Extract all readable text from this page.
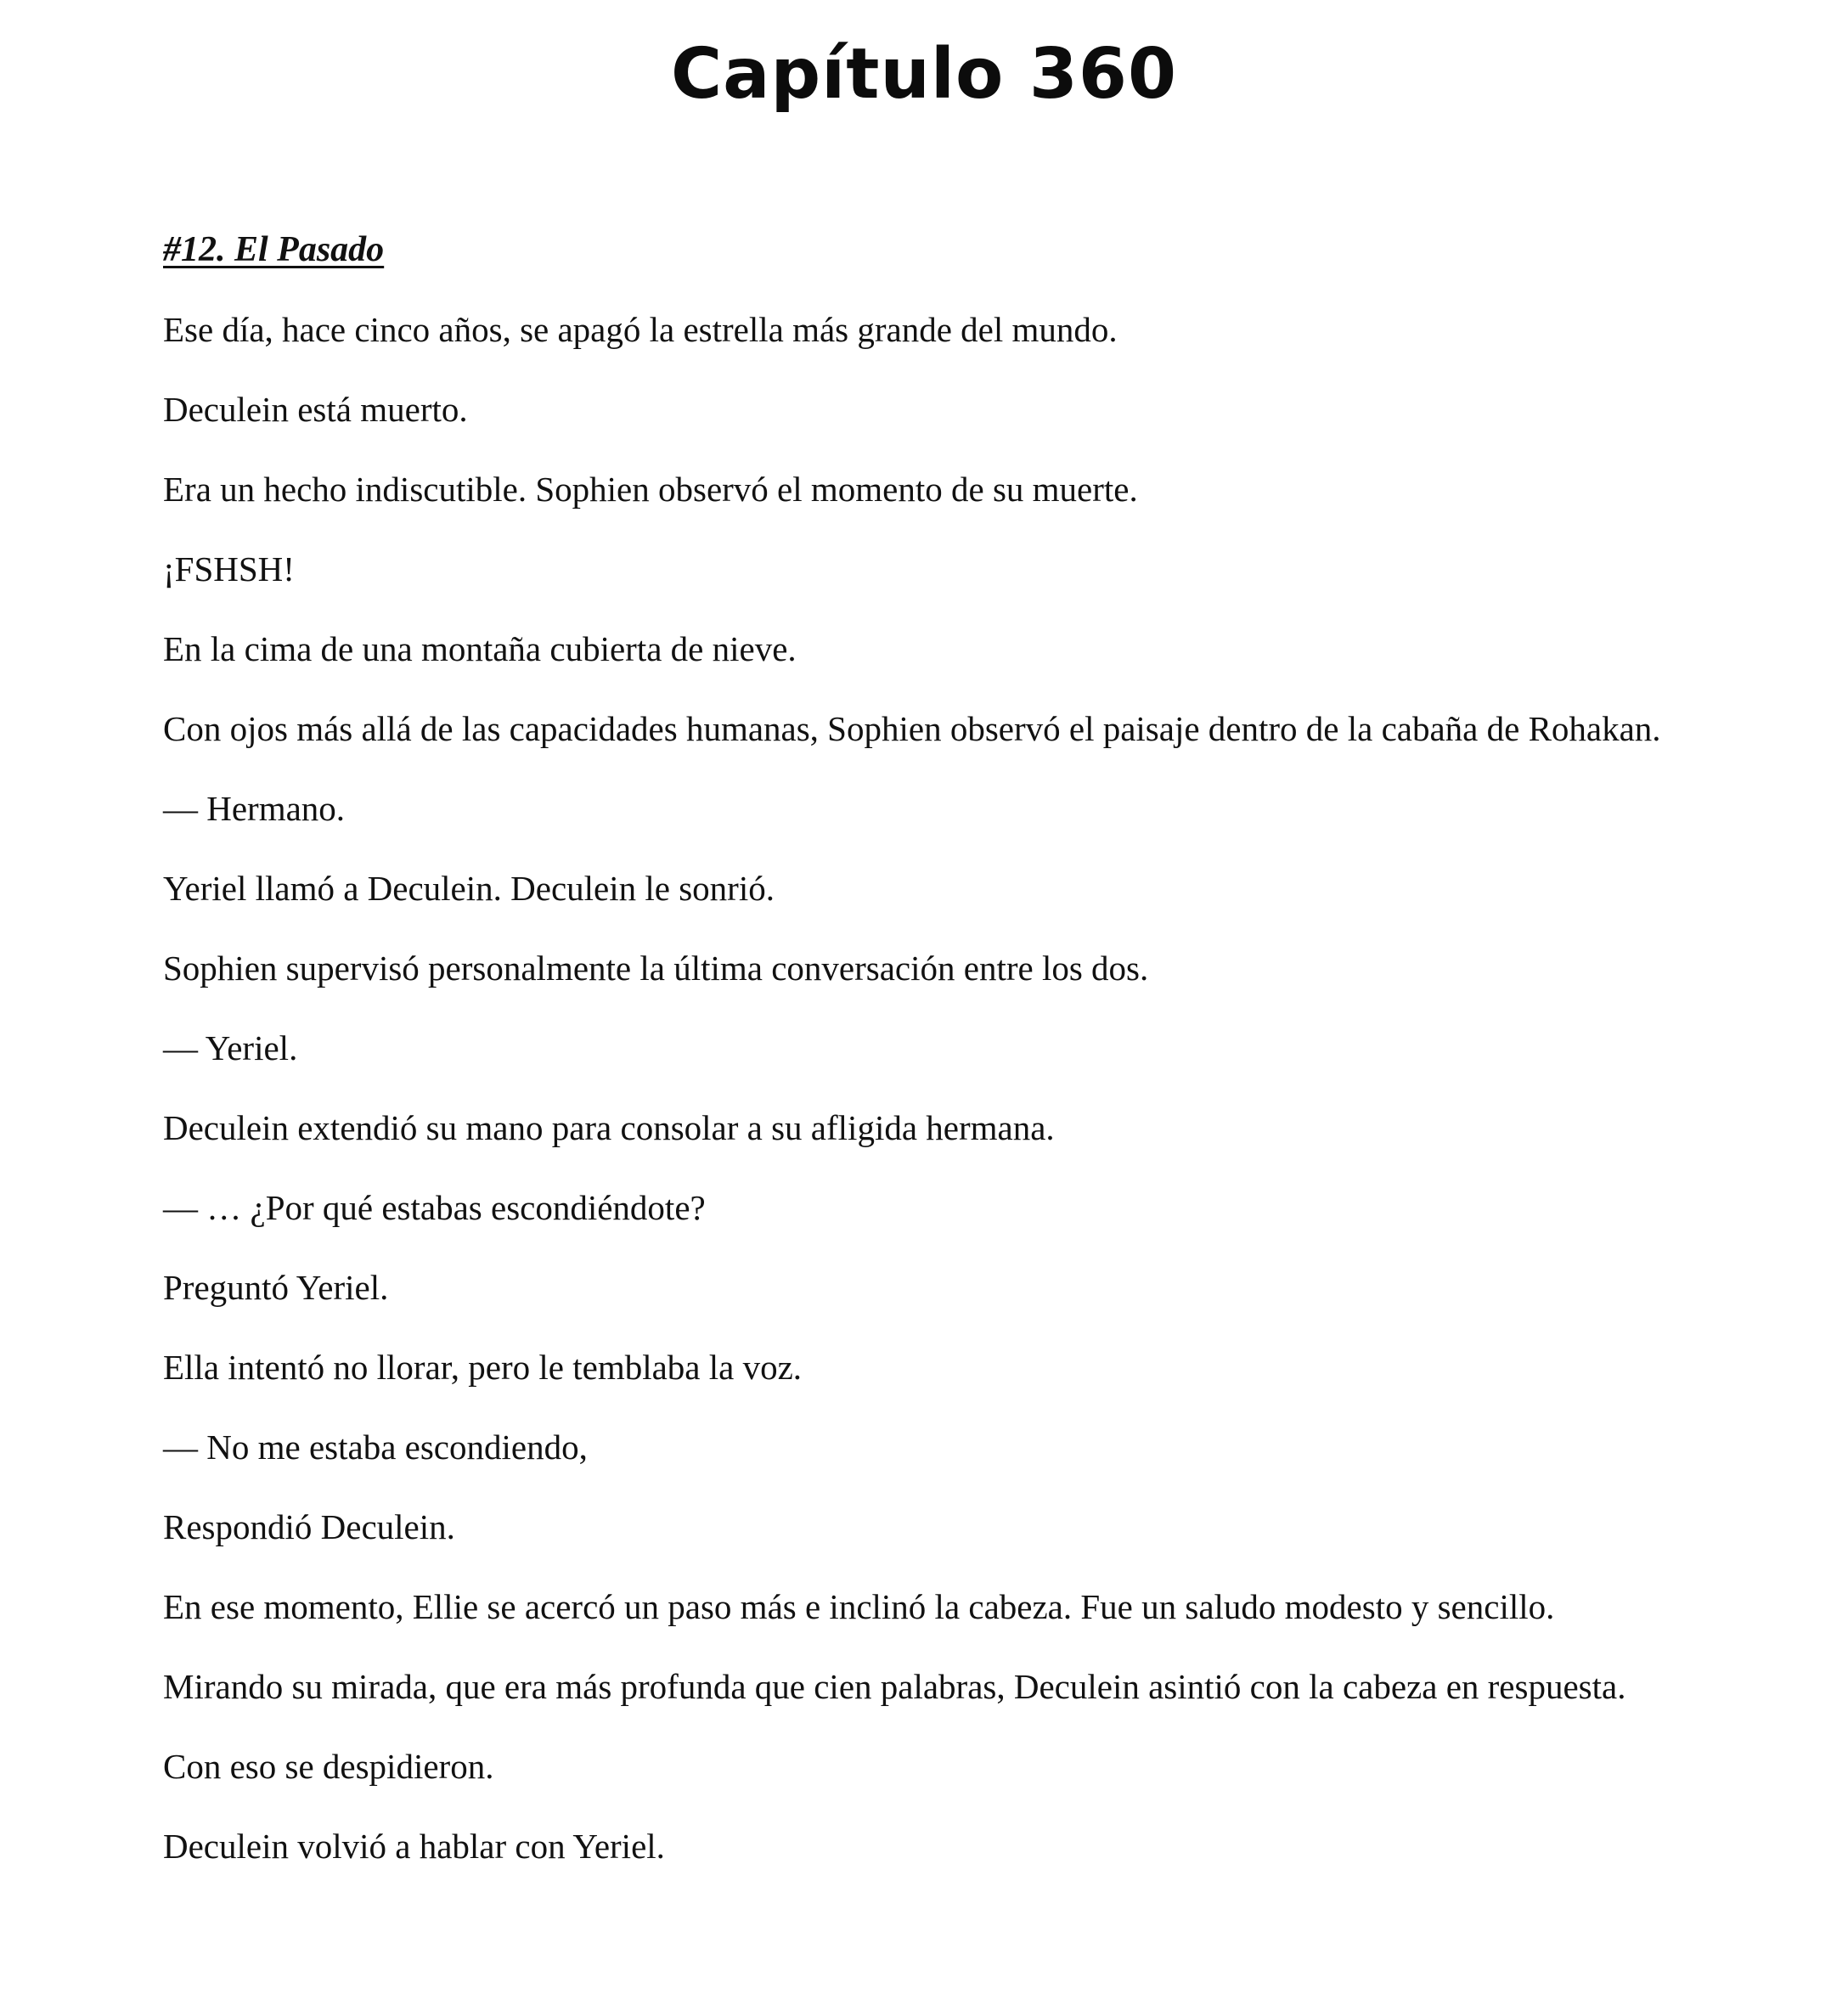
Capítulo 360
#12. El Pasado

Ese día, hace cinco años, se apagó la estrella más grande del mundo.

Deculein está muerto.

Era un hecho indiscutible. Sophien observó el momento de su muerte.

¡FSHSH!

En la cima de una montaña cubierta de nieve.

Con ojos más allá de las capacidades humanas, Sophien observó el paisaje dentro de la cabaña de Rohakan.

— Hermano.

Yeriel llamó a Deculein. Deculein le sonrió.

Sophien supervisó personalmente la última conversación entre los dos.

— Yeriel.

Deculein extendió su mano para consolar a su afligida hermana.

— … ¿Por qué estabas escondiéndote?

Preguntó Yeriel.

Ella intentó no llorar, pero le temblaba la voz.

— No me estaba escondiendo,

Respondió Deculein.

En ese momento, Ellie se acercó un paso más e inclinó la cabeza. Fue un saludo modesto y sencillo.

Mirando su mirada, que era más profunda que cien palabras, Deculein asintió con la cabeza en respuesta.

Con eso se despidieron.

Deculein volvió a hablar con Yeriel.
